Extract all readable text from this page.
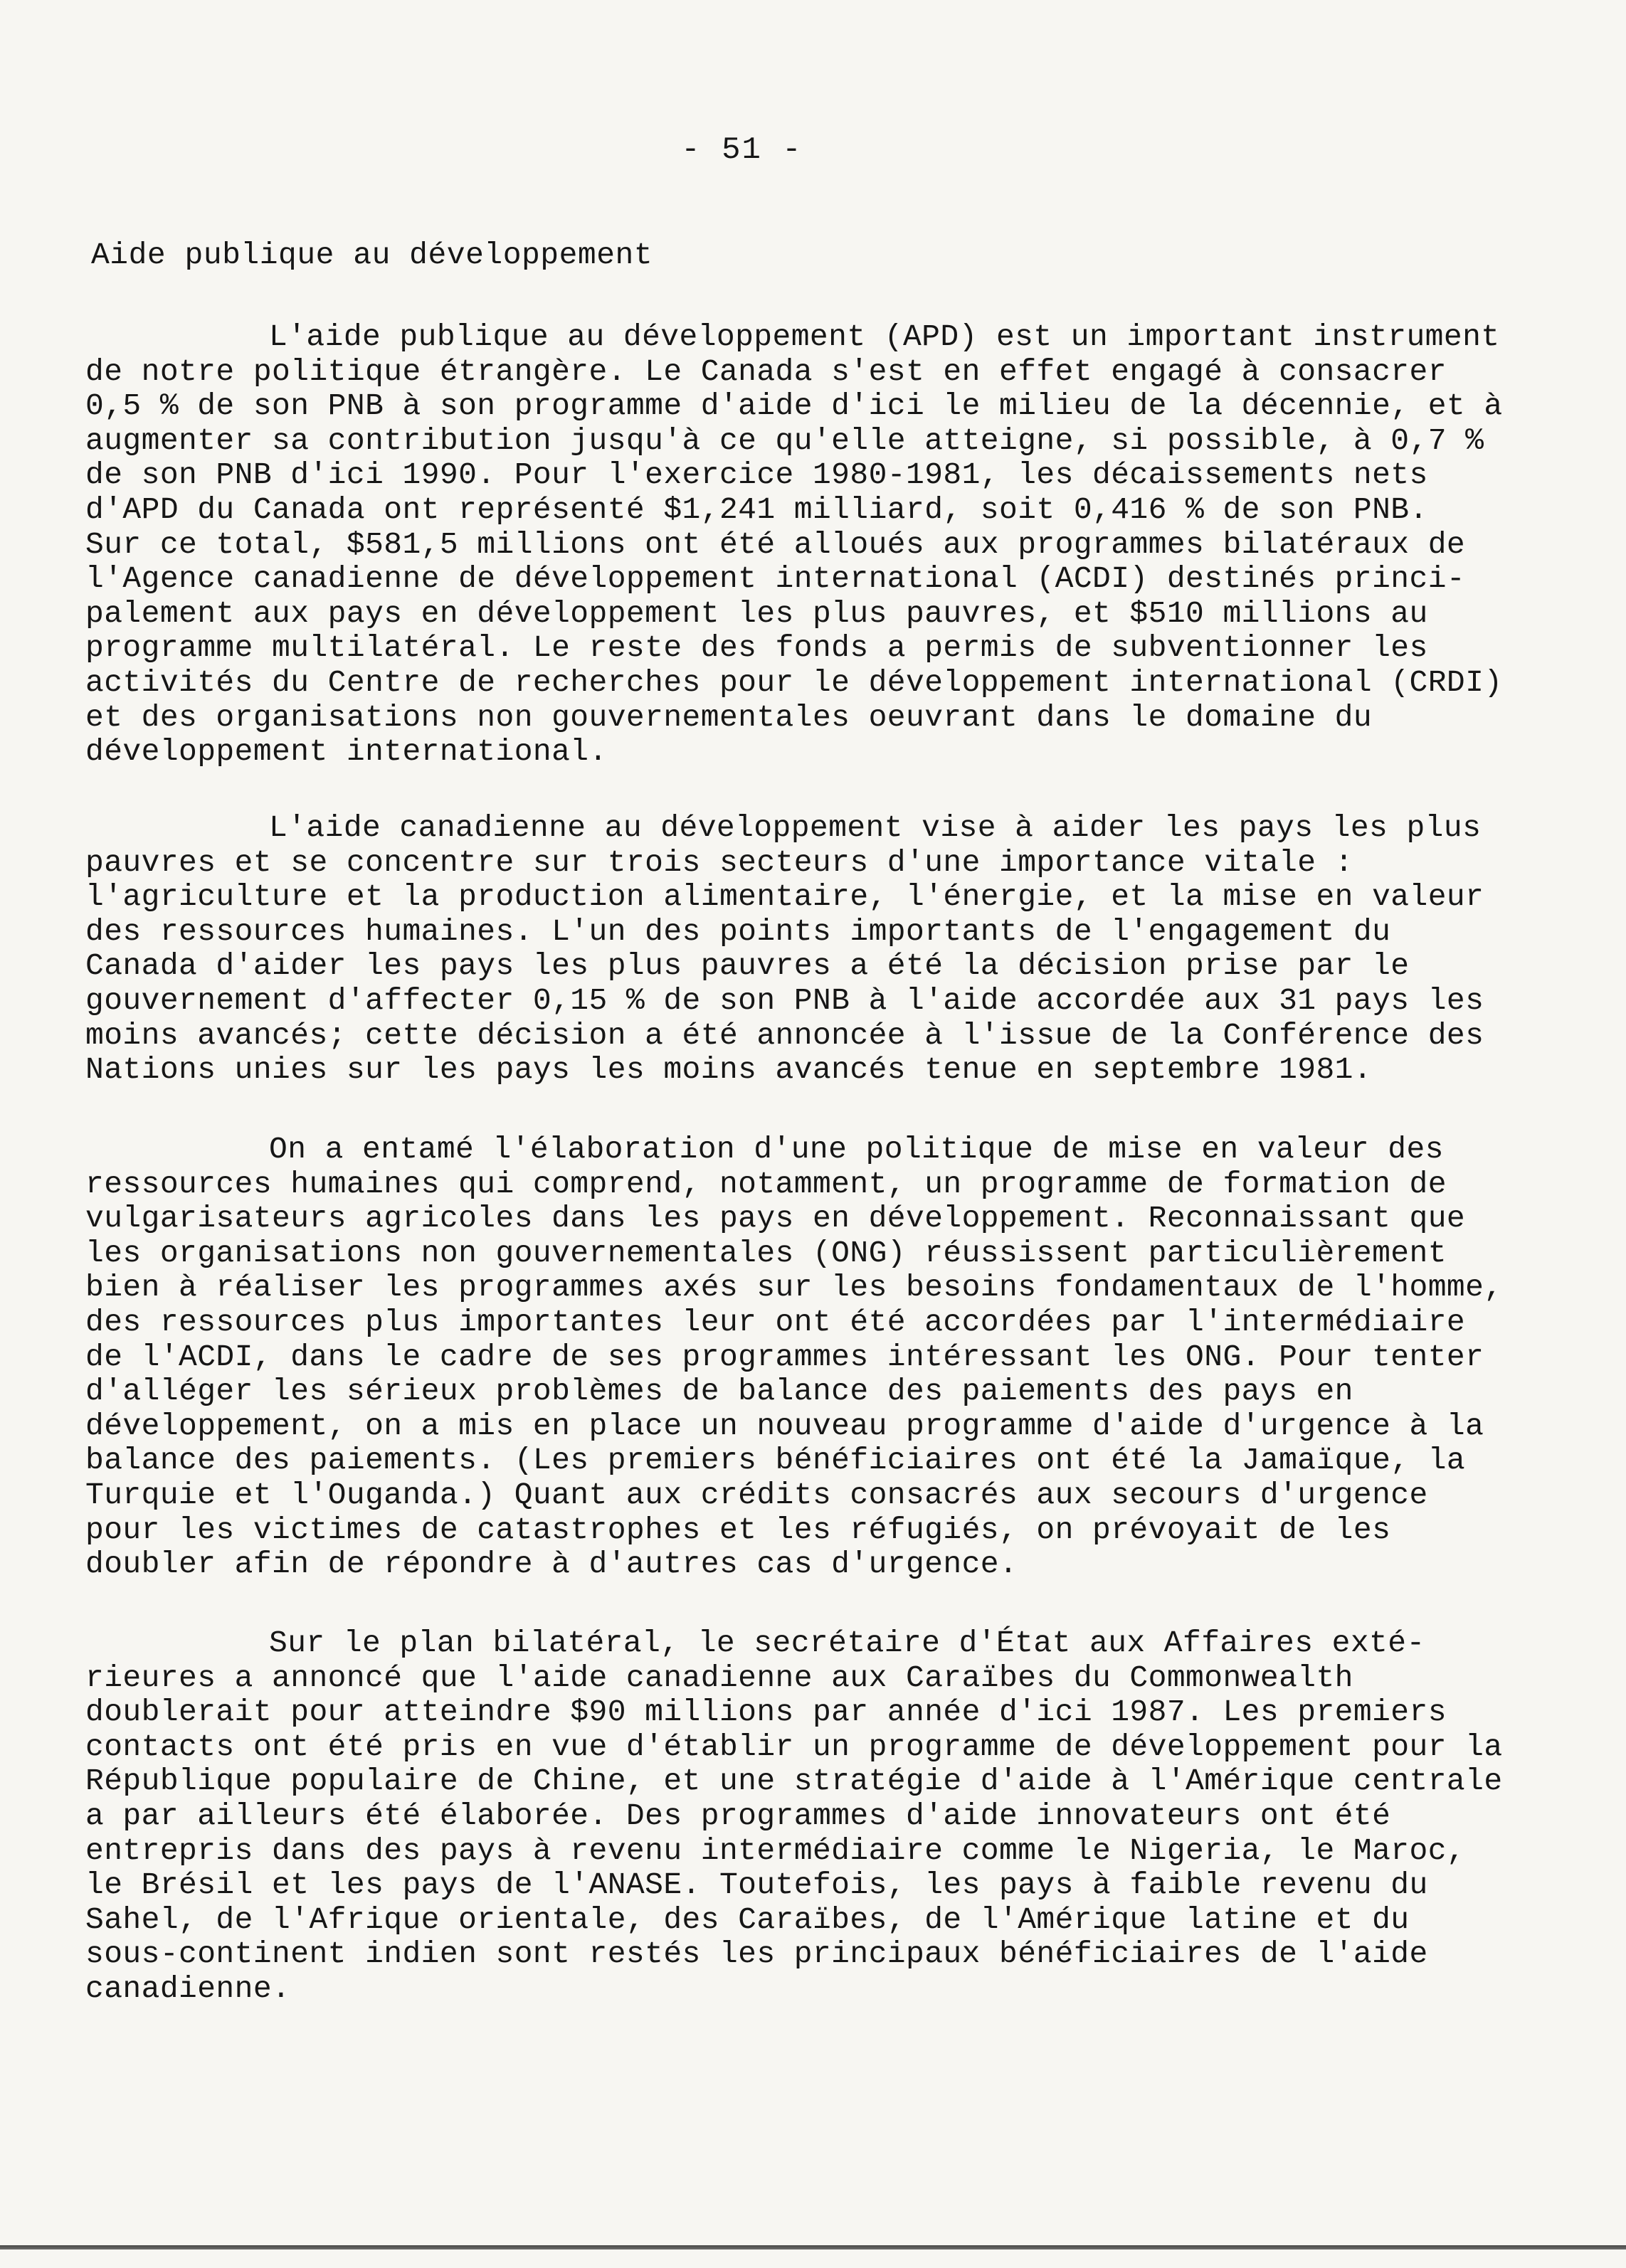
- 51 -
Aide publique au développement

L'aide publique au développement (APD) est un important instrument
de notre politique étrangère. Le Canada s'est en effet engagé à consacrer
0,5 % de son PNB à son programme d'aide d'ici le milieu de la décennie, et à
augmenter sa contribution jusqu'à ce qu'elle atteigne, si possible, à 0,7 %
de son PNB d'ici 1990. Pour l'exercice 1980-1981, les décaissements nets
d'APD du Canada ont représenté $1,241 milliard, soit 0,416 % de son PNB.
Sur ce total, $581,5 millions ont été alloués aux programmes bilatéraux de
l'Agence canadienne de développement international (ACDI) destinés princi-
palement aux pays en développement les plus pauvres, et $510 millions au
programme multilatéral. Le reste des fonds a permis de subventionner les
activités du Centre de recherches pour le développement international (CRDI)
et des organisations non gouvernementales oeuvrant dans le domaine du
développement international.

L'aide canadienne au développement vise à aider les pays les plus
pauvres et se concentre sur trois secteurs d'une importance vitale :
l'agriculture et la production alimentaire, l'énergie, et la mise en valeur
des ressources humaines. L'un des points importants de l'engagement du
Canada d'aider les pays les plus pauvres a été la décision prise par le
gouvernement d'affecter 0,15 % de son PNB à l'aide accordée aux 31 pays les
moins avancés; cette décision a été annoncée à l'issue de la Conférence des
Nations unies sur les pays les moins avancés tenue en septembre 1981.

On a entamé l'élaboration d'une politique de mise en valeur des
ressources humaines qui comprend, notamment, un programme de formation de
vulgarisateurs agricoles dans les pays en développement. Reconnaissant que
les organisations non gouvernementales (ONG) réussissent particulièrement
bien à réaliser les programmes axés sur les besoins fondamentaux de l'homme,
des ressources plus importantes leur ont été accordées par l'intermédiaire
de l'ACDI, dans le cadre de ses programmes intéressant les ONG. Pour tenter
d'alléger les sérieux problèmes de balance des paiements des pays en
développement, on a mis en place un nouveau programme d'aide d'urgence à la
balance des paiements. (Les premiers bénéficiaires ont été la Jamaïque, la
Turquie et l'Ouganda.) Quant aux crédits consacrés aux secours d'urgence
pour les victimes de catastrophes et les réfugiés, on prévoyait de les
doubler afin de répondre à d'autres cas d'urgence.

Sur le plan bilatéral, le secrétaire d'État aux Affaires exté-
rieures a annoncé que l'aide canadienne aux Caraïbes du Commonwealth
doublerait pour atteindre $90 millions par année d'ici 1987. Les premiers
contacts ont été pris en vue d'établir un programme de développement pour la
République populaire de Chine, et une stratégie d'aide à l'Amérique centrale
a par ailleurs été élaborée. Des programmes d'aide innovateurs ont été
entrepris dans des pays à revenu intermédiaire comme le Nigeria, le Maroc,
le Brésil et les pays de l'ANASE. Toutefois, les pays à faible revenu du
Sahel, de l'Afrique orientale, des Caraïbes, de l'Amérique latine et du
sous-continent indien sont restés les principaux bénéficiaires de l'aide
canadienne.
